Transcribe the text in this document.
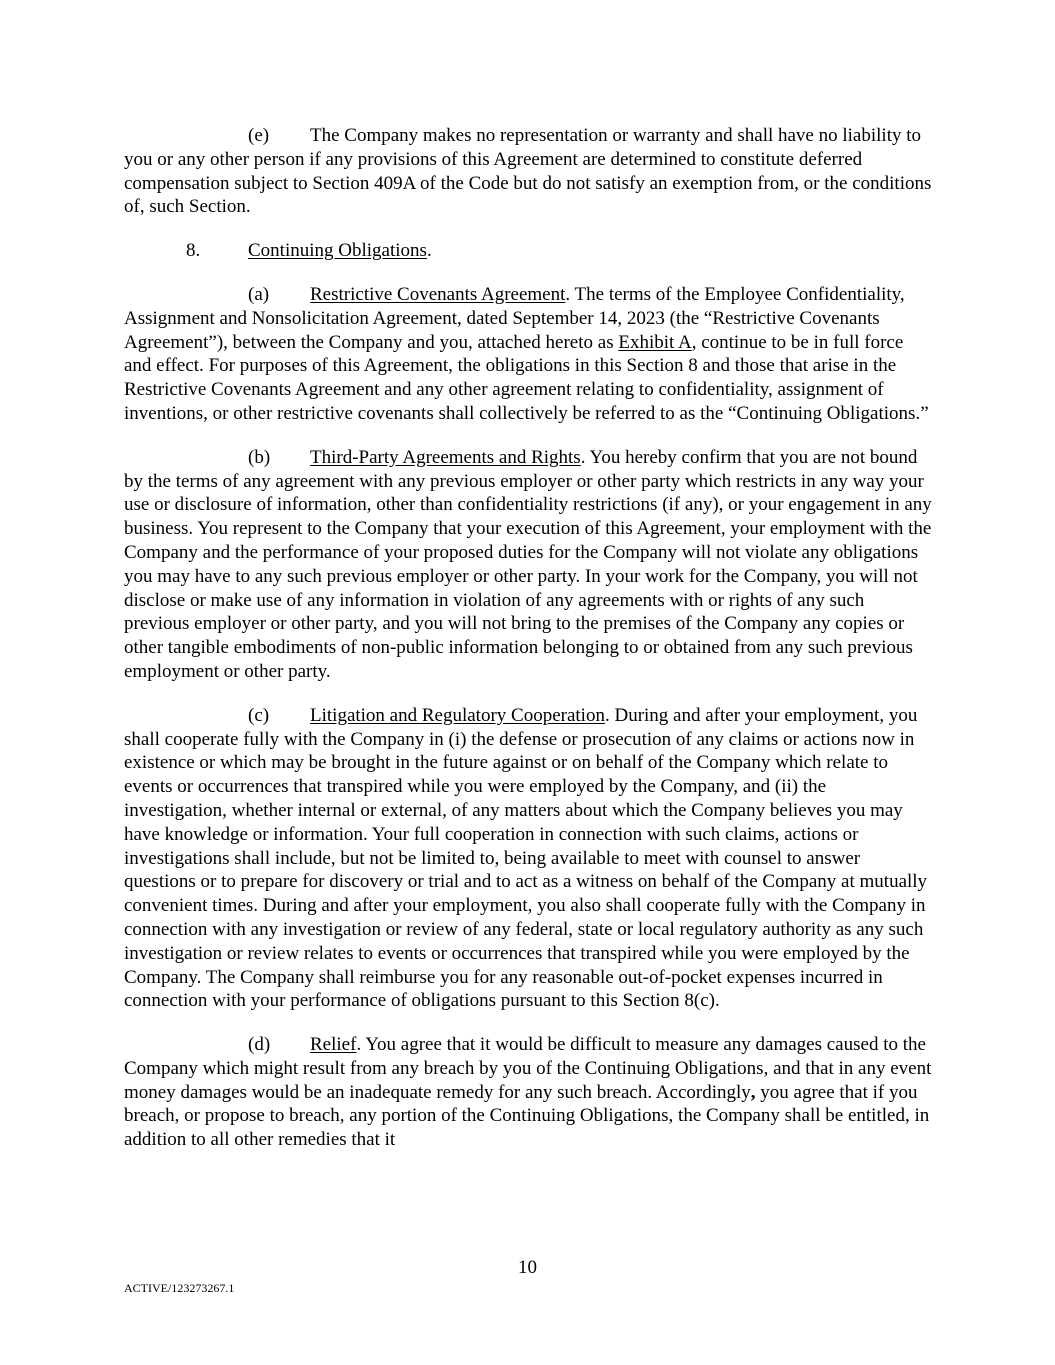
(e) The Company makes no representation or warranty and shall have no liability to you or any other person if any provisions of this Agreement are determined to constitute deferred compensation subject to Section 409A of the Code but do not satisfy an exemption from, or the conditions of, such Section.

8.	Continuing Obligations.

(a) Restrictive Covenants Agreement. The terms of the Employee Confidentiality, Assignment and Nonsolicitation Agreement, dated September 14, 2023 (the “Restrictive Covenants Agreement”), between the Company and you, attached hereto as Exhibit A, continue to be in full force and effect. For purposes of this Agreement, the obligations in this Section 8 and those that arise in the Restrictive Covenants Agreement and any other agreement relating to confidentiality, assignment of inventions, or other restrictive covenants shall collectively be referred to as the “Continuing Obligations.”

(b) Third-Party Agreements and Rights. You hereby confirm that you are not bound by the terms of any agreement with any previous employer or other party which restricts in any way your use or disclosure of information, other than confidentiality restrictions (if any), or your engagement in any business. You represent to the Company that your execution of this Agreement, your employment with the Company and the performance of your proposed duties for the Company will not violate any obligations you may have to any such previous employer or other party. In your work for the Company, you will not disclose or make use of any information in violation of any agreements with or rights of any such previous employer or other party, and you will not bring to the premises of the Company any copies or other tangible embodiments of non-public information belonging to or obtained from any such previous employment or other party.

(c) Litigation and Regulatory Cooperation. During and after your employment, you shall cooperate fully with the Company in (i) the defense or prosecution of any claims or actions now in existence or which may be brought in the future against or on behalf of the Company which relate to events or occurrences that transpired while you were employed by the Company, and (ii) the investigation, whether internal or external, of any matters about which the Company believes you may have knowledge or information. Your full cooperation in connection with such claims, actions or investigations shall include, but not be limited to, being available to meet with counsel to answer questions or to prepare for discovery or trial and to act as a witness on behalf of the Company at mutually convenient times. During and after your employment, you also shall cooperate fully with the Company in connection with any investigation or review of any federal, state or local regulatory authority as any such investigation or review relates to events or occurrences that transpired while you were employed by the Company. The Company shall reimburse you for any reasonable out-of-pocket expenses incurred in connection with your performance of obligations pursuant to this Section 8(c).

(d) Relief. You agree that it would be difficult to measure any damages caused to the Company which might result from any breach by you of the Continuing Obligations, and that in any event money damages would be an inadequate remedy for any such breach. Accordingly, you agree that if you breach, or propose to breach, any portion of the Continuing Obligations, the Company shall be entitled, in addition to all other remedies that it

10
ACTIVE/123273267.1
